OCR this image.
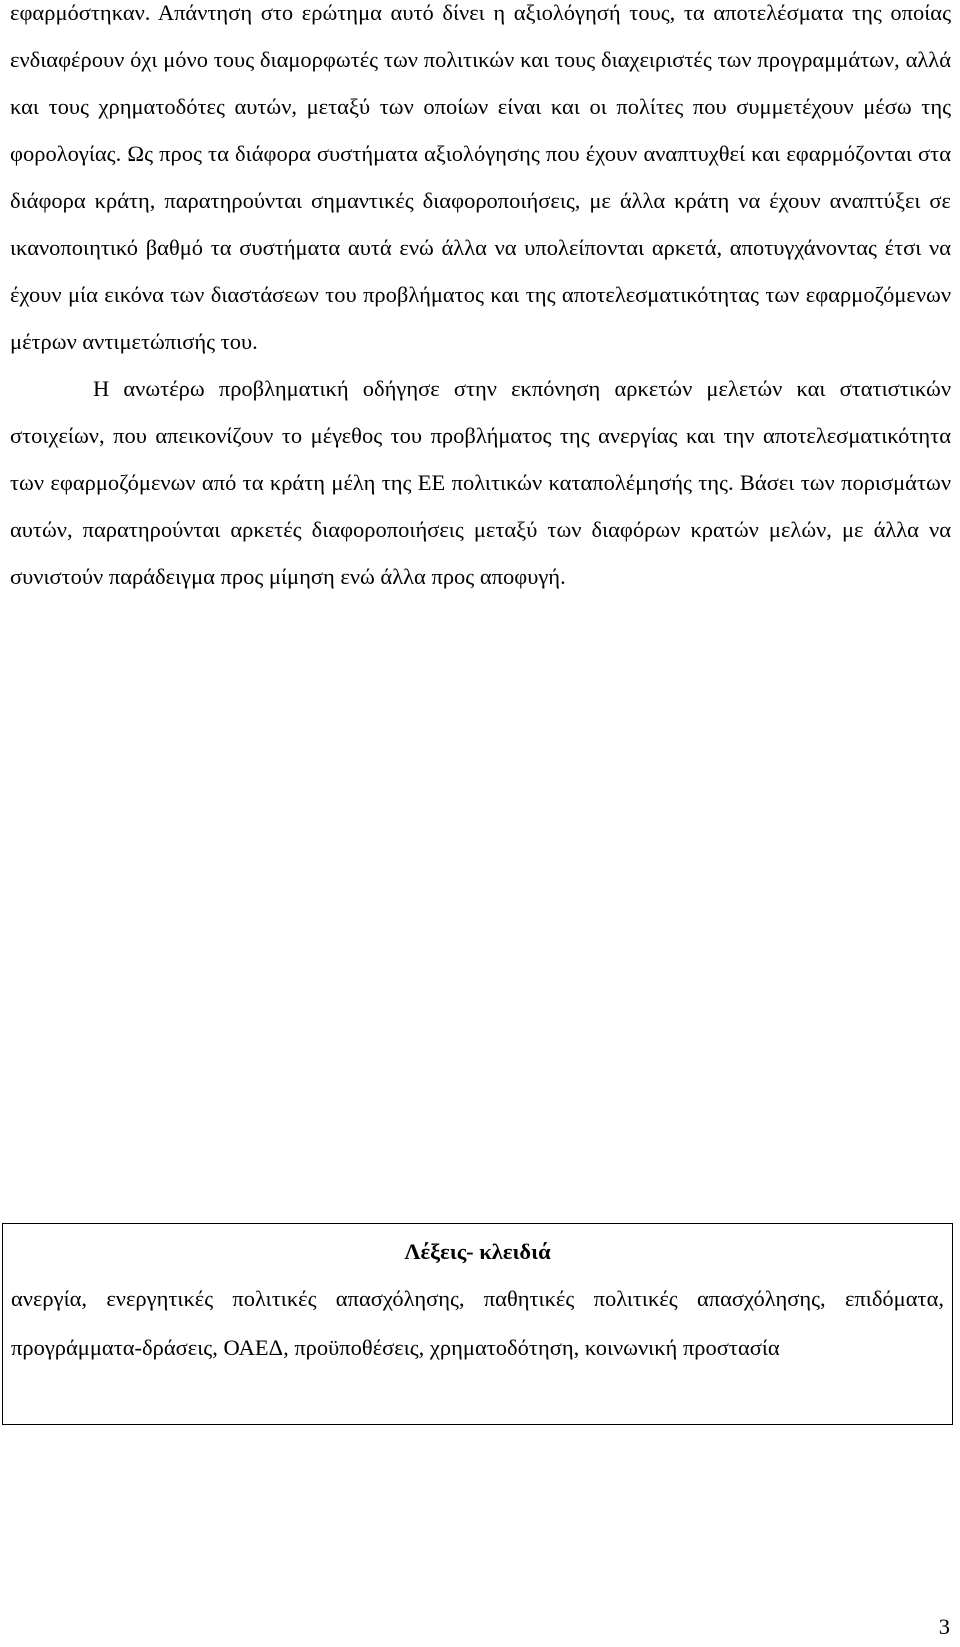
εφαρμόστηκαν. Απάντηση στο ερώτημα αυτό δίνει η αξιολόγησή τους, τα αποτελέσματα της οποίας ενδιαφέρουν όχι μόνο τους διαμορφωτές των πολιτικών και τους διαχειριστές των προγραμμάτων, αλλά και τους χρηματοδότες αυτών, μεταξύ των οποίων είναι και οι πολίτες που συμμετέχουν μέσω της φορολογίας. Ως προς τα διάφορα συστήματα αξιολόγησης που έχουν αναπτυχθεί και εφαρμόζονται στα διάφορα κράτη, παρατηρούνται σημαντικές διαφοροποιήσεις, με άλλα κράτη να έχουν αναπτύξει σε ικανοποιητικό βαθμό τα συστήματα αυτά ενώ άλλα να υπολείπονται αρκετά, αποτυγχάνοντας έτσι να έχουν μία εικόνα των διαστάσεων του προβλήματος και της αποτελεσματικότητας των εφαρμοζόμενων μέτρων αντιμετώπισής του.

Η ανωτέρω προβληματική οδήγησε στην εκπόνηση αρκετών μελετών και στατιστικών στοιχείων, που απεικονίζουν το μέγεθος του προβλήματος της ανεργίας και την αποτελεσματικότητα των εφαρμοζόμενων από τα κράτη μέλη της ΕΕ πολιτικών καταπολέμησής της. Βάσει των πορισμάτων αυτών, παρατηρούνται αρκετές διαφοροποιήσεις μεταξύ των διαφόρων κρατών μελών, με άλλα να συνιστούν παράδειγμα προς μίμηση ενώ άλλα προς αποφυγή.

Λέξεις- κλειδιά

ανεργία, ενεργητικές πολιτικές απασχόλησης, παθητικές πολιτικές απασχόλησης, επιδόματα, προγράμματα-δράσεις, ΟΑΕΔ, προϋποθέσεις, χρηματοδότηση, κοινωνική προστασία

3
